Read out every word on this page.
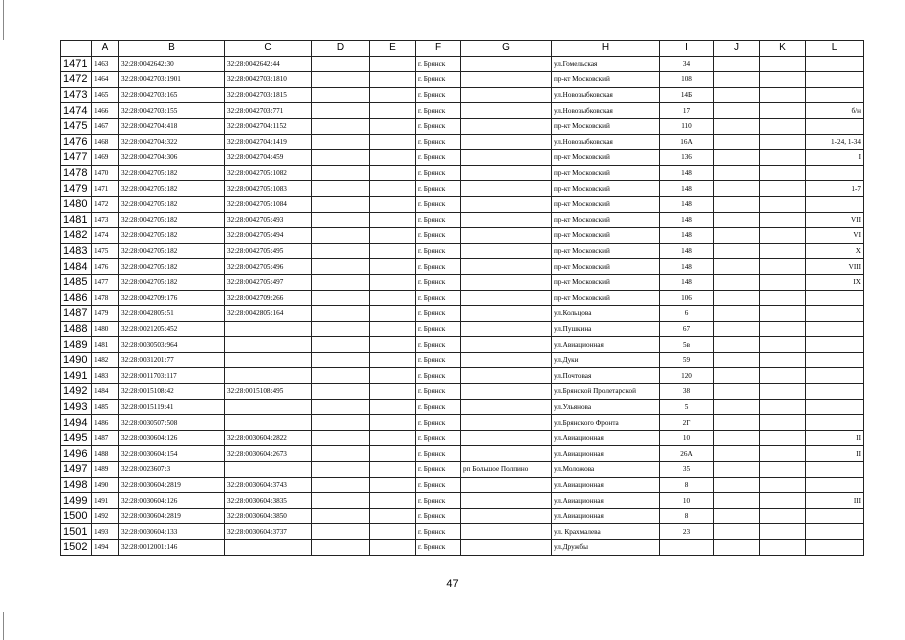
	A	B	C	D	E	F	G	H	I	J	K	L
1471	1463	32:28:0042642:30	32:28:0042642:44			г. Брянск		ул.Гомельская	34			
1472	1464	32:28:0042703:1901	32:28:0042703:1810			г. Брянск		пр-кт Московский	108			
1473	1465	32:28:0042703:165	32:28:0042703:1815			г. Брянск		ул.Новозыбковская	14Б			
1474	1466	32:28:0042703:155	32:28:0042703:771			г. Брянск		ул.Новозыбковская	17			б/н
1475	1467	32:28:0042704:418	32:28:0042704:1152			г. Брянск		пр-кт Московский	110			
1476	1468	32:28:0042704:322	32:28:0042704:1419			г. Брянск		ул.Новозыбковская	16А			1-24, 1-34
1477	1469	32:28:0042704:306	32:28:0042704:459			г. Брянск		пр-кт Московский	136			I
1478	1470	32:28:0042705:182	32:28:0042705:1082			г. Брянск		пр-кт Московский	148			
1479	1471	32:28:0042705:182	32:28:0042705:1083			г. Брянск		пр-кт Московский	148			1-7
1480	1472	32:28:0042705:182	32:28:0042705:1084			г. Брянск		пр-кт Московский	148			
1481	1473	32:28:0042705:182	32:28:0042705:493			г. Брянск		пр-кт Московский	148			VII
1482	1474	32:28:0042705:182	32:28:0042705:494			г. Брянск		пр-кт Московский	148			VI
1483	1475	32:28:0042705:182	32:28:0042705:495			г. Брянск		пр-кт Московский	148			X
1484	1476	32:28:0042705:182	32:28:0042705:496			г. Брянск		пр-кт Московский	148			VIII
1485	1477	32:28:0042705:182	32:28:0042705:497			г. Брянск		пр-кт Московский	148			IX
1486	1478	32:28:0042709:176	32:28:0042709:266			г. Брянск		пр-кт Московский	106			
1487	1479	32:28:0042805:51	32:28:0042805:164			г. Брянск		ул.Кольцова	6			
1488	1480	32:28:0021205:452				г. Брянск		ул.Пушкина	67			
1489	1481	32:28:0030503:964				г. Брянск		ул.Авиационная	5в			
1490	1482	32:28:0031201:77				г. Брянск		ул.Дуки	59			
1491	1483	32:28:0011703:117				г. Брянск		ул.Почтовая	120			
1492	1484	32:28:0015108:42	32:28:0015108:495			г. Брянск		ул.Брянской Пролетарской	38			
1493	1485	32:28:0015119:41				г. Брянск		ул.Ульянова	5			
1494	1486	32:28:0030507:508				г. Брянск		ул.Брянского Фронта	2Г			
1495	1487	32:28:0030604:126	32:28:0030604:2822			г. Брянск		ул.Авиационная	10			II
1496	1488	32:28:0030604:154	32:28:0030604:2673			г. Брянск		ул.Авиационная	26А			II
1497	1489	32:28:0023607:3				г. Брянск	рп Большое Полпино	ул.Моложова	35			
1498	1490	32:28:0030604:2819	32:28:0030604:3743			г. Брянск		ул.Авиационная	8			
1499	1491	32:28:0030604:126	32:28:0030604:3835			г. Брянск		ул.Авиационная	10			III
1500	1492	32:28:0030604:2819	32:28:0030604:3850			г. Брянск		ул.Авиационная	8			
1501	1493	32:28:0030604:133	32:28:0030604:3737			г. Брянск		ул. Крахмалева	23			
1502	1494	32:28:0012001:146				г. Брянск		ул.Дружбы				
47
